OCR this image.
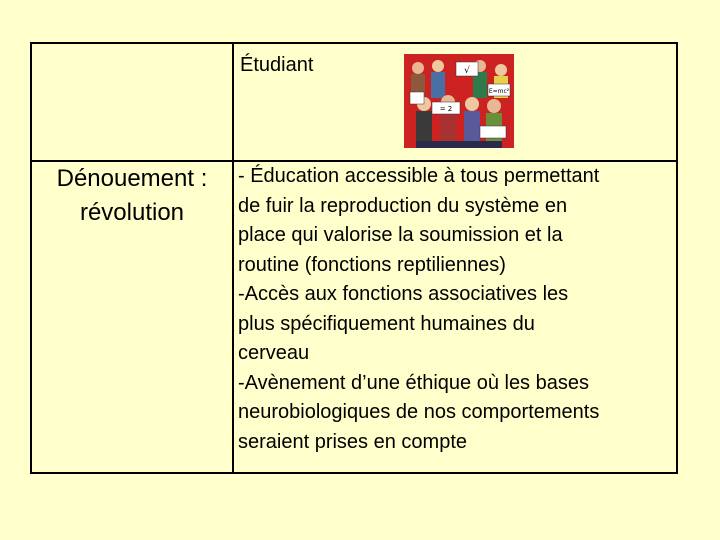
Étudiant	√
E=mc²
= 2
Dénouement :
révolution
- Éducation accessible à tous permettant
de fuir la reproduction du système en
place qui valorise la soumission et la
routine (fonctions reptiliennes)
-Accès aux fonctions associatives les
plus spécifiquement humaines du
cerveau
-Avènement d’une éthique où les bases
neurobiologiques de nos comportements
seraient prises en compte
